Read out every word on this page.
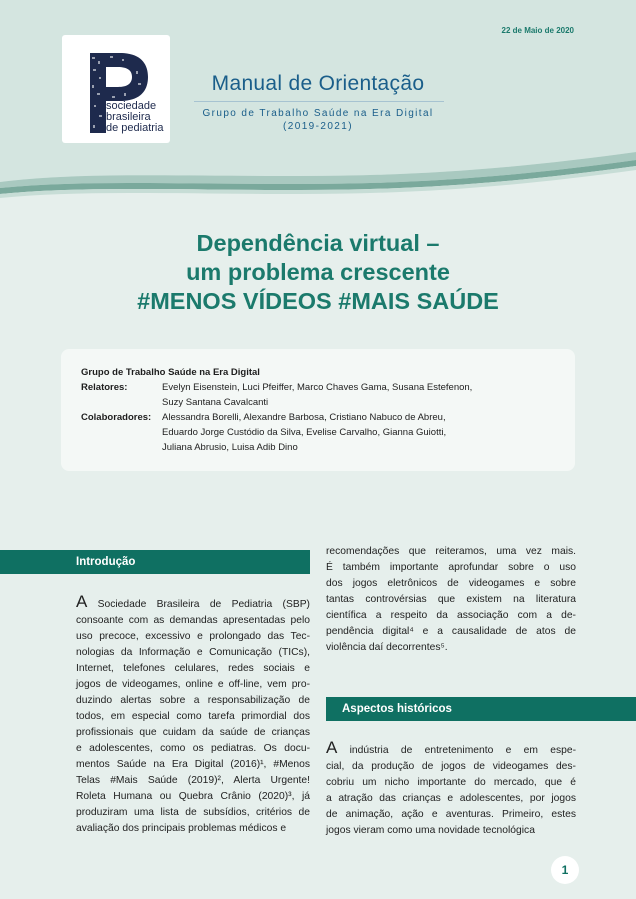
22 de Maio de 2020
sociedade
brasileira
de pediatria
Manual de Orientação
Grupo de Trabalho Saúde na Era Digital
(2019-2021)
Dependência virtual –
um problema crescente
#MENOS VÍDEOS #MAIS SAÚDE
Grupo de Trabalho Saúde na Era Digital
Relatores:	Evelyn Eisenstein, Luci Pfeiffer, Marco Chaves Gama, Susana Estefenon,
Suzy Santana Cavalcanti
Colaboradores:	Alessandra Borelli, Alexandre Barbosa, Cristiano Nabuco de Abreu,
Eduardo Jorge Custódio da Silva, Evelise Carvalho, Gianna Guiotti,
Juliana Abrusio, Luisa Adib Dino
Introdução
Aspectos históricos
A Sociedade Brasileira de Pediatria (SBP)
consoante com as demandas apresentadas pelo
uso precoce, excessivo e prolongado das Tec-
nologias da Informação e Comunicação (TICs),
Internet, telefones celulares, redes sociais e
jogos de videogames, online e off-line, vem pro-
duzindo alertas sobre a responsabilização de
todos, em especial como tarefa primordial dos
profissionais que cuidam da saúde de crianças
e adolescentes, como os pediatras. Os docu-
mentos Saúde na Era Digital (2016)¹, #Menos
Telas #Mais Saúde (2019)², Alerta Urgente!
Roleta Humana ou Quebra Crânio (2020)³, já
produziram uma lista de subsídios, critérios de
avaliação dos principais problemas médicos e
recomendações que reiteramos, uma vez mais.
É também importante aprofundar sobre o uso
dos jogos eletrônicos de videogames e sobre
tantas controvérsias que existem na literatura
científica a respeito da associação com a de-
pendência digital⁴ e a causalidade de atos de
violência daí decorrentes⁵.
A indústria de entretenimento e em espe-
cial, da produção de jogos de videogames des-
cobriu um nicho importante do mercado, que é
a atração das crianças e adolescentes, por jogos
de animação, ação e aventuras. Primeiro, estes
jogos vieram como uma novidade tecnológica
1
